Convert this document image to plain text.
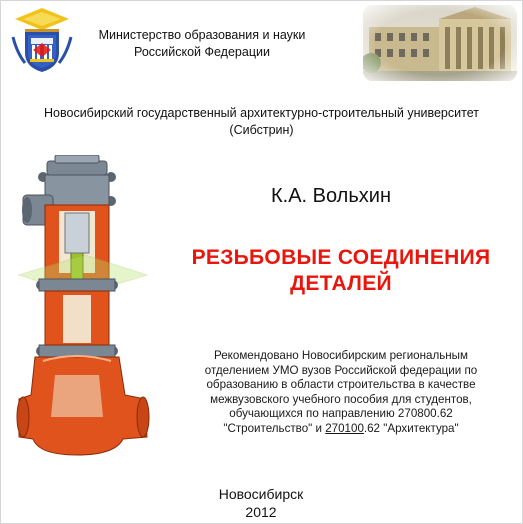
Министерство образования и науки
Российской Федерации
Новосибирский государственный архитектурно-строительный университет
(Сибстрин)
К.А. Вольхин
РЕЗЬБОВЫЕ СОЕДИНЕНИЯ
ДЕТАЛЕЙ
Рекомендовано Новосибирским региональным
отделением УМО вузов Российской федерации по
образованию в области строительства в качестве
межвузовского учебного пособия для студентов,
обучающихся по направлению 270800.62
"Строительство" и 270100.62 "Архитектура"
Новосибирск
2012
